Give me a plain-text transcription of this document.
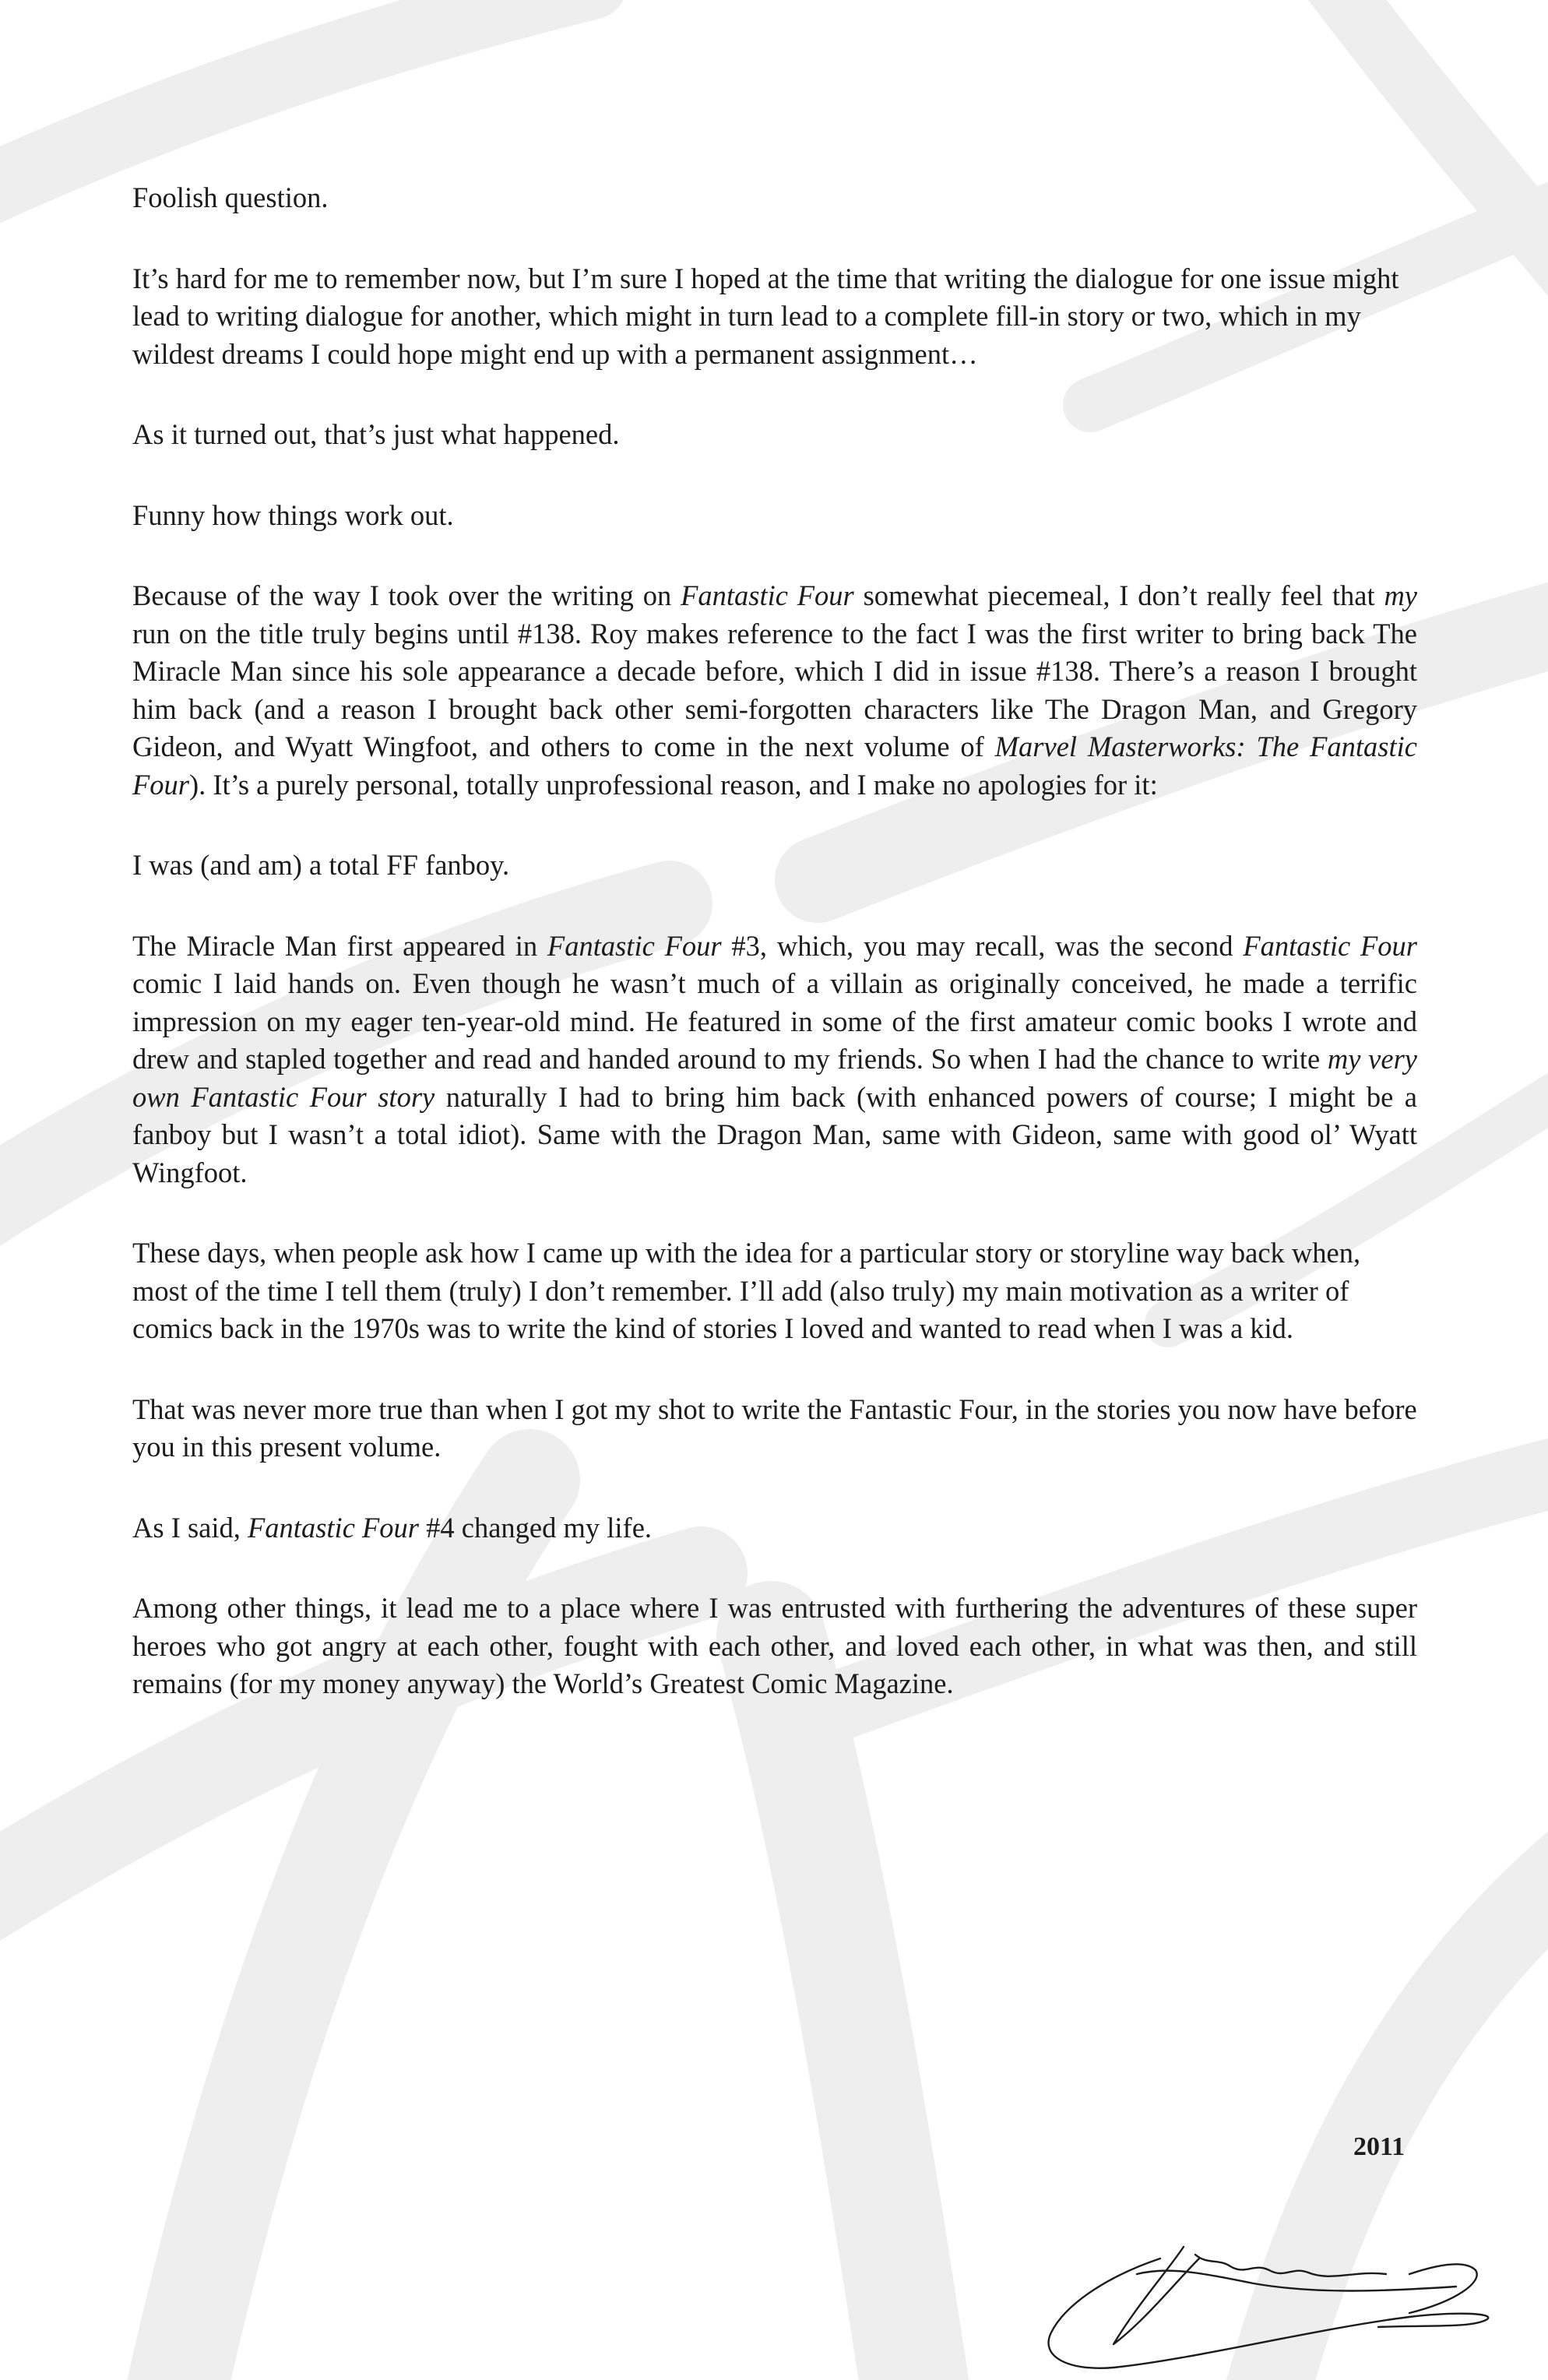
Foolish question.

It’s hard for me to remember now, but I’m sure I hoped at the time that writing the dialogue for one issue might lead to writing dialogue for another, which might in turn lead to a complete fill-in story or two, which in my wildest dreams I could hope might end up with a permanent assignment…

As it turned out, that’s just what happened.

Funny how things work out.

Because of the way I took over the writing on Fantastic Four somewhat piecemeal, I don’t really feel that my run on the title truly begins until #138. Roy makes reference to the fact I was the first writer to bring back The Miracle Man since his sole appearance a decade before, which I did in issue #138. There’s a reason I brought him back (and a reason I brought back other semi-forgotten characters like The Dragon Man, and Gregory Gideon, and Wyatt Wingfoot, and others to come in the next volume of Marvel Masterworks: The Fantastic Four). It’s a purely personal, totally unprofessional reason, and I make no apologies for it:

I was (and am) a total FF fanboy.

The Miracle Man first appeared in Fantastic Four #3, which, you may recall, was the second Fantastic Four comic I laid hands on. Even though he wasn’t much of a villain as originally conceived, he made a terrific impression on my eager ten-year-old mind. He featured in some of the first amateur comic books I wrote and drew and stapled together and read and handed around to my friends. So when I had the chance to write my very own Fantastic Four story naturally I had to bring him back (with enhanced powers of course; I might be a fanboy but I wasn’t a total idiot). Same with the Dragon Man, same with Gideon, same with good ol’ Wyatt Wingfoot.

These days, when people ask how I came up with the idea for a particular story or storyline way back when, most of the time I tell them (truly) I don’t remember. I’ll add (also truly) my main motivation as a writer of comics back in the 1970s was to write the kind of stories I loved and wanted to read when I was a kid.

That was never more true than when I got my shot to write the Fantastic Four, in the stories you now have before you in this present volume.

As I said, Fantastic Four #4 changed my life.

Among other things, it lead me to a place where I was entrusted with furthering the adventures of these super heroes who got angry at each other, fought with each other, and loved each other, in what was then, and still remains (for my money anyway) the World’s Greatest Comic Magazine.

2011
